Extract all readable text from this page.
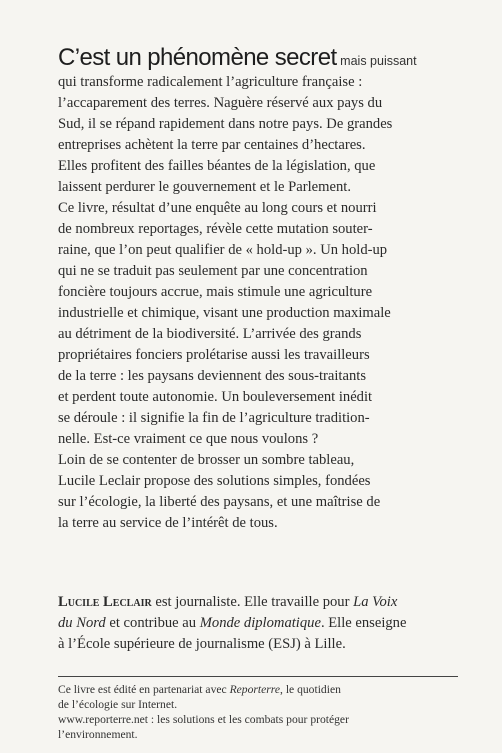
C’est un phénomène secret mais puissant
qui transforme radicalement l’agriculture française :
l’accaparement des terres. Naguère réservé aux pays du
Sud, il se répand rapidement dans notre pays. De grandes
entreprises achètent la terre par centaines d’hectares.
Elles profitent des failles béantes de la législation, que
laissent perdurer le gouvernement et le Parlement.
Ce livre, résultat d’une enquête au long cours et nourri
de nombreux reportages, révèle cette mutation souter-
raine, que l’on peut qualifier de « hold-up ». Un hold-up
qui ne se traduit pas seulement par une concentration
foncière toujours accrue, mais stimule une agriculture
industrielle et chimique, visant une production maximale
au détriment de la biodiversité. L’arrivée des grands
propriétaires fonciers prolétarise aussi les travailleurs
de la terre : les paysans deviennent des sous-traitants
et perdent toute autonomie. Un bouleversement inédit
se déroule : il signifie la fin de l’agriculture tradition-
nelle. Est-ce vraiment ce que nous voulons ?
Loin de se contenter de brosser un sombre tableau,
Lucile Leclair propose des solutions simples, fondées
sur l’écologie, la liberté des paysans, et une maîtrise de
la terre au service de l’intérêt de tous.

Lucile Leclair est journaliste. Elle travaille pour La Voix
du Nord et contribue au Monde diplomatique. Elle enseigne
à l’École supérieure de journalisme (ESJ) à Lille.
Ce livre est édité en partenariat avec Reporterre, le quotidien
de l’écologie sur Internet.
www.reporterre.net : les solutions et les combats pour protéger
l’environnement.
